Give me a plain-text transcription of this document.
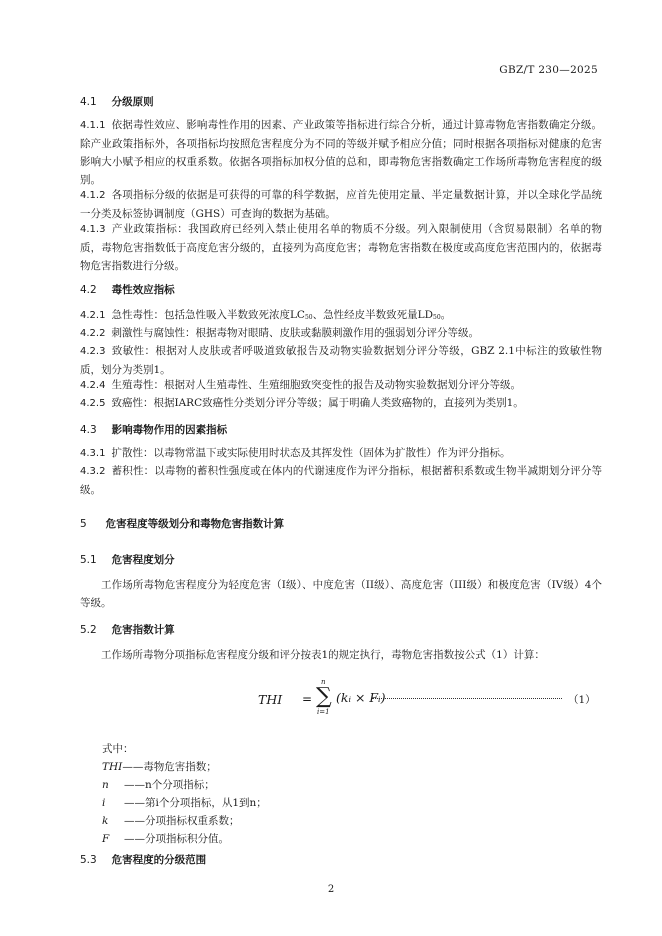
GBZ/T 230—2025
4.1 分级原则
4.1.1 依据毒性效应、影响毒性作用的因素、产业政策等指标进行综合分析，通过计算毒物危害指数确定分级。除产业政策指标外，各项指标均按照危害程度分为不同的等级并赋予相应分值；同时根据各项指标对健康的危害影响大小赋予相应的权重系数。依据各项指标加权分值的总和，即毒物危害指数确定工作场所毒物危害程度的级别。
4.1.2 各项指标分级的依据是可获得的可靠的科学数据，应首先使用定量、半定量数据计算，并以全球化学品统一分类及标签协调制度（GHS）可查询的数据为基础。
4.1.3 产业政策指标：我国政府已经列入禁止使用名单的物质不分级。列入限制使用（含贸易限制）名单的物质，毒物危害指数低于高度危害分级的，直接列为高度危害；毒物危害指数在极度或高度危害范围内的，依据毒物危害指数进行分级。
4.2 毒性效应指标
4.2.1 急性毒性：包括急性吸入半数致死浓度$LC_{50}$、急性经皮半数致死量$LD_{50}$。
4.2.2 刺激性与腐蚀性：根据毒物对眼睛、皮肤或黏膜刺激作用的强弱划分评分等级。
4.2.3 致敏性：根据对人皮肤或者呼吸道致敏报告及动物实验数据划分评分等级，GBZ 2.1中标注的致敏性物质，划分为类别1。
4.2.4 生殖毒性：根据对人生殖毒性、生殖细胞致突变性的报告及动物实验数据划分评分等级。
4.2.5 致癌性：根据IARC致癌性分类划分评分等级；属于明确人类致癌物的，直接列为类别1。
4.3 影响毒物作用的因素指标
4.3.1 扩散性：以毒物常温下或实际使用时状态及其挥发性（固体为扩散性）作为评分指标。
4.3.2 蓄积性：以毒物的蓄积性强度或在体内的代谢速度作为评分指标，根据蓄积系数或生物半减期划分评分等级。
5 危害程度等级划分和毒物危害指数计算
5.1 危害程度划分
工作场所毒物危害程度分为轻度危害（I级）、中度危害（II级）、高度危害（III级）和极度危害（IV级）4个等级。
5.2 危害指数计算
工作场所毒物分项指标危害程度分级和评分按表1的规定执行，毒物危害指数按公式（1）计算：
THI =
n
∑
i=1
(kᵢ × Fᵢ)	（1）
式中：
THI——毒物危害指数；
n ——n个分项指标；
i ——第i个分项指标，从1到n；
k ——分项指标权重系数；
F ——分项指标积分值。
5.3 危害程度的分级范围
2
